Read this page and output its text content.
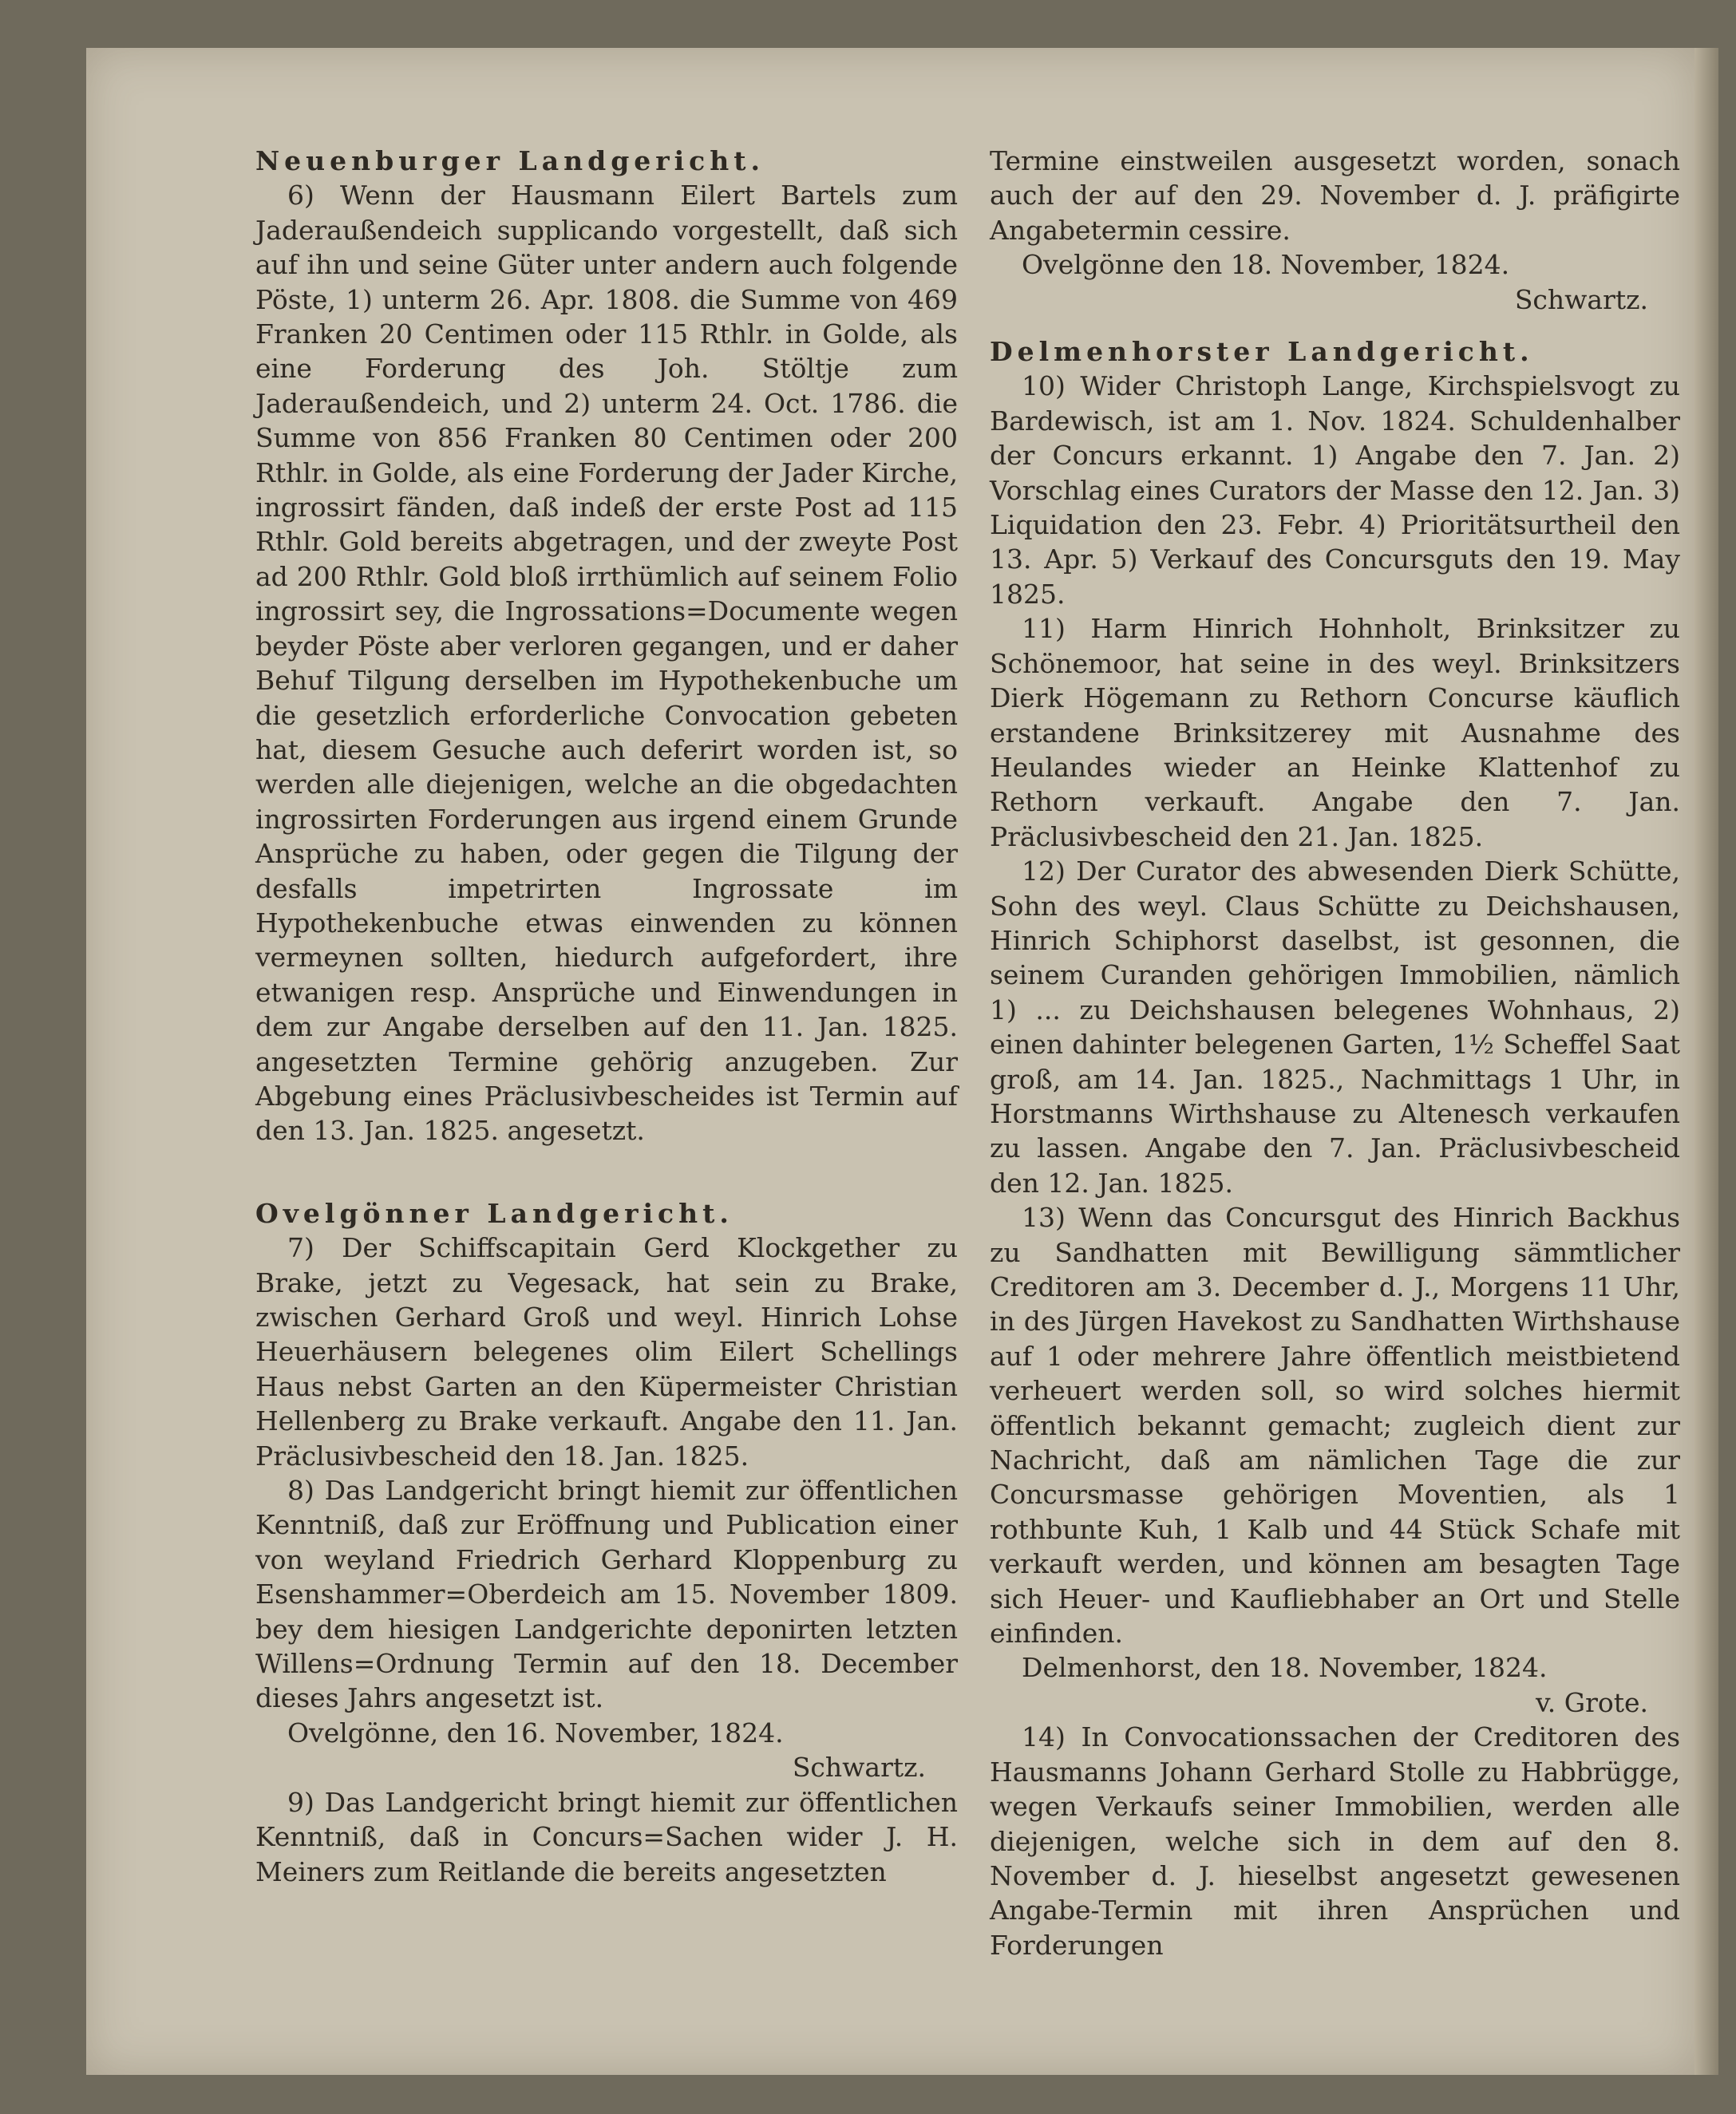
Neuenburger Landgericht.

6) Wenn der Hausmann Eilert Bartels zum Jaderaußendeich supplicando vorgestellt, daß sich auf ihn und seine Güter unter andern auch folgende Pöste, 1) unterm 26. Apr. 1808. die Summe von 469 Franken 20 Centimen oder 115 Rthlr. in Golde, als eine Forderung des Joh. Stöltje zum Jaderaußendeich, und 2) unterm 24. Oct. 1786. die Summe von 856 Franken 80 Centimen oder 200 Rthlr. in Golde, als eine Forderung der Jader Kirche, ingrossirt fänden, daß indeß der erste Post ad 115 Rthlr. Gold bereits abgetragen, und der zweyte Post ad 200 Rthlr. Gold bloß irrthümlich auf seinem Folio ingrossirt sey, die Ingrossations=Documente wegen beyder Pöste aber verloren gegangen, und er daher Behuf Tilgung derselben im Hypothekenbuche um die gesetzlich erforderliche Convocation gebeten hat, diesem Gesuche auch deferirt worden ist, so werden alle diejenigen, welche an die obgedachten ingrossirten Forderungen aus irgend einem Grunde Ansprüche zu haben, oder gegen die Tilgung der desfalls impetrirten Ingrossate im Hypothekenbuche etwas einwenden zu können vermeynen sollten, hiedurch aufgefordert, ihre etwanigen resp. Ansprüche und Einwendungen in dem zur Angabe derselben auf den 11. Jan. 1825. angesetzten Termine gehörig anzugeben. Zur Abgebung eines Präclusivbescheides ist Termin auf den 13. Jan. 1825. angesetzt.

Ovelgönner Landgericht.

7) Der Schiffscapitain Gerd Klockgether zu Brake, jetzt zu Vegesack, hat sein zu Brake, zwischen Gerhard Groß und weyl. Hinrich Lohse Heuerhäusern belegenes olim Eilert Schellings Haus nebst Garten an den Küpermeister Christian Hellenberg zu Brake verkauft. Angabe den 11. Jan. Präclusivbescheid den 18. Jan. 1825.

8) Das Landgericht bringt hiemit zur öffentlichen Kenntniß, daß zur Eröffnung und Publication einer von weyland Friedrich Gerhard Kloppenburg zu Esenshammer=Oberdeich am 15. November 1809. bey dem hiesigen Landgerichte deponirten letzten Willens=Ordnung Termin auf den 18. December dieses Jahrs angesetzt ist.

Ovelgönne, den 16. November, 1824.

Schwartz.

9) Das Landgericht bringt hiemit zur öffentlichen Kenntniß, daß in Concurs=Sachen wider J. H. Meiners zum Reitlande die bereits angesetzten

Termine einstweilen ausgesetzt worden, sonach auch der auf den 29. November d. J. präfigirte Angabetermin cessire.

Ovelgönne den 18. November, 1824.

Schwartz.

Delmenhorster Landgericht.

10) Wider Christoph Lange, Kirchspielsvogt zu Bardewisch, ist am 1. Nov. 1824. Schuldenhalber der Concurs erkannt. 1) Angabe den 7. Jan. 2) Vorschlag eines Curators der Masse den 12. Jan. 3) Liquidation den 23. Febr. 4) Prioritätsurtheil den 13. Apr. 5) Verkauf des Concursguts den 19. May 1825.

11) Harm Hinrich Hohnholt, Brinksitzer zu Schönemoor, hat seine in des weyl. Brinksitzers Dierk Högemann zu Rethorn Concurse käuflich erstandene Brinksitzerey mit Ausnahme des Heulandes wieder an Heinke Klattenhof zu Rethorn verkauft. Angabe den 7. Jan. Präclusivbescheid den 21. Jan. 1825.

12) Der Curator des abwesenden Dierk Schütte, Sohn des weyl. Claus Schütte zu Deichshausen, Hinrich Schiphorst daselbst, ist gesonnen, die seinem Curanden gehörigen Immobilien, nämlich 1) ... zu Deichshausen belegenes Wohnhaus, 2) einen dahinter belegenen Garten, 1½ Scheffel Saat groß, am 14. Jan. 1825., Nachmittags 1 Uhr, in Horstmanns Wirthshause zu Altenesch verkaufen zu lassen. Angabe den 7. Jan. Präclusivbescheid den 12. Jan. 1825.

13) Wenn das Concursgut des Hinrich Backhus zu Sandhatten mit Bewilligung sämmtlicher Creditoren am 3. December d. J., Morgens 11 Uhr, in des Jürgen Havekost zu Sandhatten Wirthshause auf 1 oder mehrere Jahre öffentlich meistbietend verheuert werden soll, so wird solches hiermit öffentlich bekannt gemacht; zugleich dient zur Nachricht, daß am nämlichen Tage die zur Concursmasse gehörigen Moventien, als 1 rothbunte Kuh, 1 Kalb und 44 Stück Schafe mit verkauft werden, und können am besagten Tage sich Heuer- und Kaufliebhaber an Ort und Stelle einfinden.

Delmenhorst, den 18. November, 1824.

v. Grote.

14) In Convocationssachen der Creditoren des Hausmanns Johann Gerhard Stolle zu Habbrügge, wegen Verkaufs seiner Immobilien, werden alle diejenigen, welche sich in dem auf den 8. November d. J. hieselbst angesetzt gewesenen Angabe-Termin mit ihren Ansprüchen und Forderungen
